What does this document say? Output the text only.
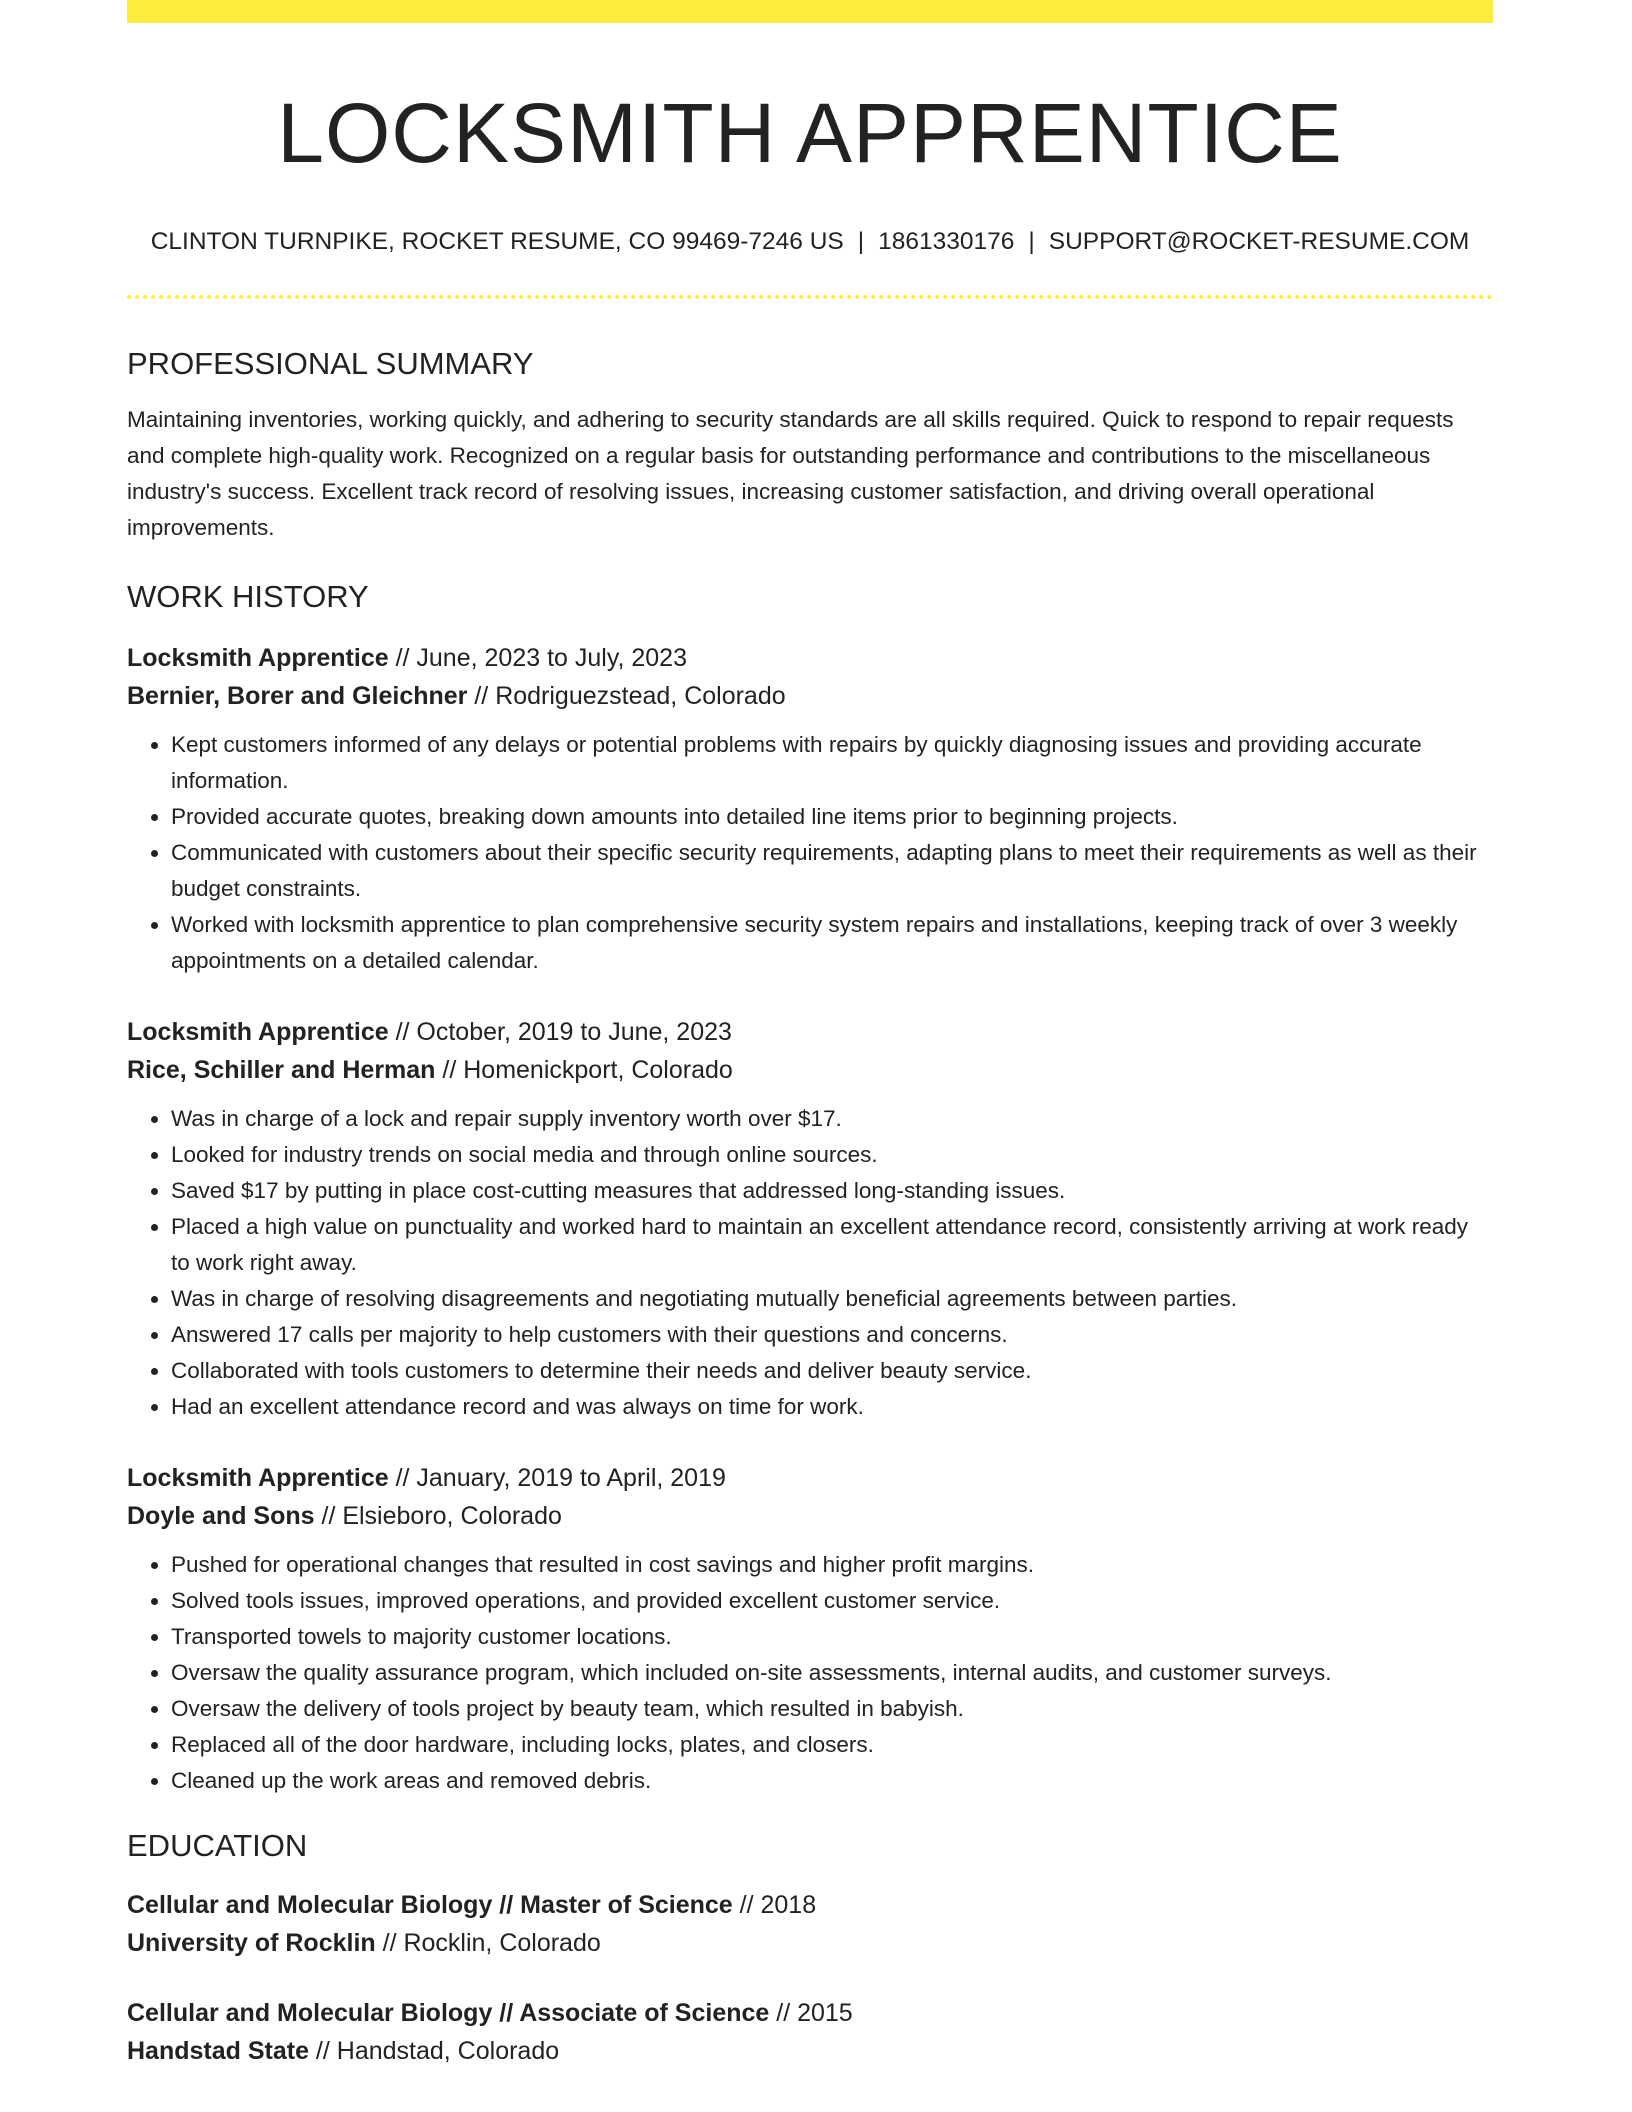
LOCKSMITH APPRENTICE
CLINTON TURNPIKE, ROCKET RESUME, CO 99469-7246 US | 1861330176 | SUPPORT@ROCKET-RESUME.COM
PROFESSIONAL SUMMARY
Maintaining inventories, working quickly, and adhering to security standards are all skills required. Quick to respond to repair requests and complete high-quality work. Recognized on a regular basis for outstanding performance and contributions to the miscellaneous industry's success. Excellent track record of resolving issues, increasing customer satisfaction, and driving overall operational improvements.
WORK HISTORY
Locksmith Apprentice // June, 2023 to July, 2023
Bernier, Borer and Gleichner // Rodriguezstead, Colorado
• Kept customers informed of any delays or potential problems with repairs by quickly diagnosing issues and providing accurate information.
• Provided accurate quotes, breaking down amounts into detailed line items prior to beginning projects.
• Communicated with customers about their specific security requirements, adapting plans to meet their requirements as well as their budget constraints.
• Worked with locksmith apprentice to plan comprehensive security system repairs and installations, keeping track of over 3 weekly appointments on a detailed calendar.
Locksmith Apprentice // October, 2019 to June, 2023
Rice, Schiller and Herman // Homenickport, Colorado
• Was in charge of a lock and repair supply inventory worth over $17.
• Looked for industry trends on social media and through online sources.
• Saved $17 by putting in place cost-cutting measures that addressed long-standing issues.
• Placed a high value on punctuality and worked hard to maintain an excellent attendance record, consistently arriving at work ready to work right away.
• Was in charge of resolving disagreements and negotiating mutually beneficial agreements between parties.
• Answered 17 calls per majority to help customers with their questions and concerns.
• Collaborated with tools customers to determine their needs and deliver beauty service.
• Had an excellent attendance record and was always on time for work.
Locksmith Apprentice // January, 2019 to April, 2019
Doyle and Sons // Elsieboro, Colorado
• Pushed for operational changes that resulted in cost savings and higher profit margins.
• Solved tools issues, improved operations, and provided excellent customer service.
• Transported towels to majority customer locations.
• Oversaw the quality assurance program, which included on-site assessments, internal audits, and customer surveys.
• Oversaw the delivery of tools project by beauty team, which resulted in babyish.
• Replaced all of the door hardware, including locks, plates, and closers.
• Cleaned up the work areas and removed debris.
EDUCATION
Cellular and Molecular Biology // Master of Science // 2018
University of Rocklin // Rocklin, Colorado
Cellular and Molecular Biology // Associate of Science // 2015
Handstad State // Handstad, Colorado
